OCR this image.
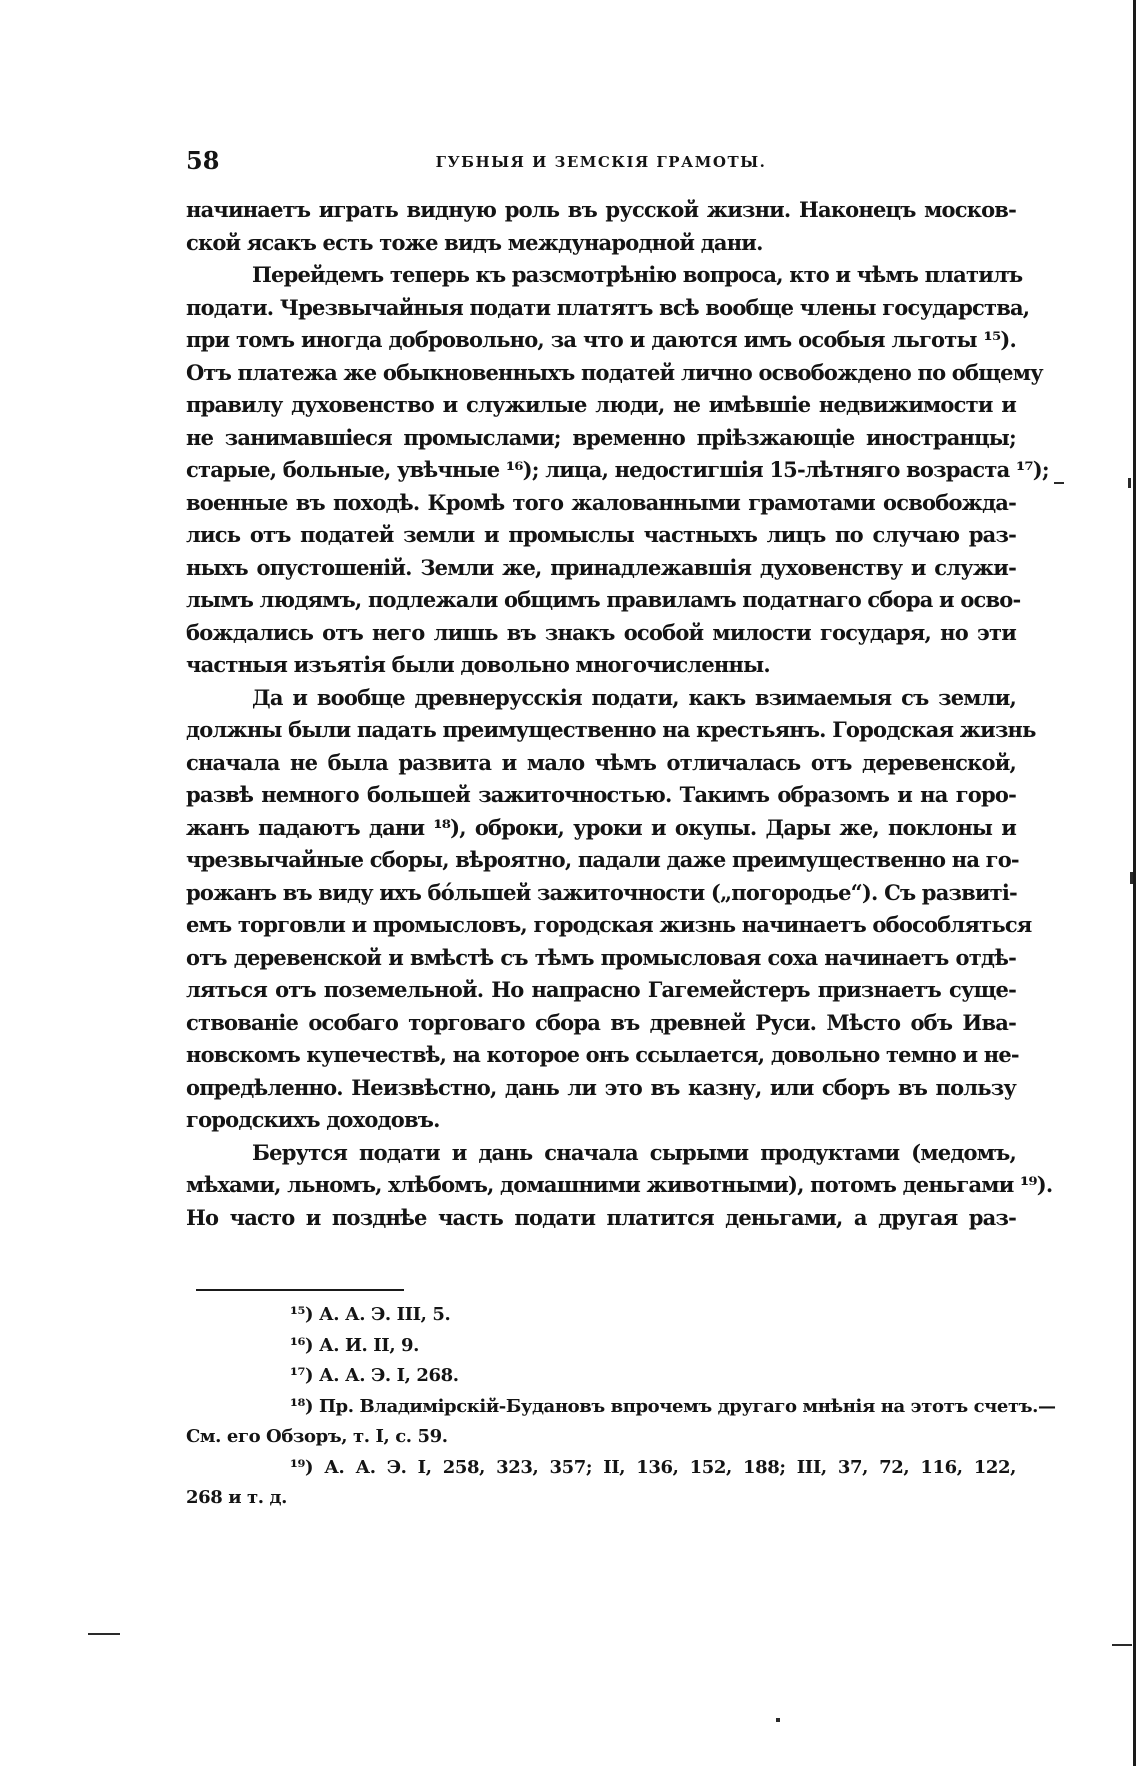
58	ГУБНЫЯ И ЗЕМСКІЯ ГРАМОТЫ.
начинаетъ играть видную роль въ русской жизни. Наконецъ москов-
ской ясакъ есть тоже видъ международной дани.
Перейдемъ теперь къ разсмотрѣнію вопроса, кто и чѣмъ платилъ
подати. Чрезвычайныя подати платятъ всѣ вообще члены государства,
при томъ иногда добровольно, за что и даются имъ особыя льготы ¹⁵).
Отъ платежа же обыкновенныхъ податей лично освобождено по общему
правилу духовенство и служилые люди, не имѣвшіе недвижимости и
не занимавшіеся промыслами; временно пріѣзжающіе иностранцы;
старые, больные, увѣчные ¹⁶); лица, недостигшія 15-лѣтняго возраста ¹⁷);
военные въ походѣ. Кромѣ того жалованными грамотами освобожда-
лись отъ податей земли и промыслы частныхъ лицъ по случаю раз-
ныхъ опустошеній. Земли же, принадлежавшія духовенству и служи-
лымъ людямъ, подлежали общимъ правиламъ податнаго сбора и осво-
бождались отъ него лишь въ знакъ особой милости государя, но эти
частныя изъятія были довольно многочисленны.
Да и вообще древнерусскія подати, какъ взимаемыя съ земли,
должны были падать преимущественно на крестьянъ. Городская жизнь
сначала не была развита и мало чѣмъ отличалась отъ деревенской,
развѣ немного большей зажиточностью. Такимъ образомъ и на горо-
жанъ падаютъ дани ¹⁸), оброки, уроки и окупы. Дары же, поклоны и
чрезвычайные сборы, вѣроятно, падали даже преимущественно на го-
рожанъ въ виду ихъ бо́льшей зажиточности („погородье“). Съ развиті-
емъ торговли и промысловъ, городская жизнь начинаетъ обособляться
отъ деревенской и вмѣстѣ съ тѣмъ промысловая соха начинаетъ отдѣ-
ляться отъ поземельной. Но напрасно Гагемейстеръ признаетъ суще-
ствованіе особаго торговаго сбора въ древней Руси. Мѣсто объ Ива-
новскомъ купечествѣ, на которое онъ ссылается, довольно темно и не-
опредѣленно. Неизвѣстно, дань ли это въ казну, или сборъ въ пользу
городскихъ доходовъ.
Берутся подати и дань сначала сырыми продуктами (медомъ,
мѣхами, льномъ, хлѣбомъ, домашними животными), потомъ деньгами ¹⁹).
Но часто и позднѣе часть подати платится деньгами, а другая раз-
¹⁵) А. А. Э. III, 5.
¹⁶) А. И. II, 9.
¹⁷) А. А. Э. I, 268.
¹⁸) Пр. Владимірскій-Будановъ впрочемъ другаго мнѣнія на этотъ счетъ.—
См. его Обзоръ, т. I, с. 59.
¹⁹) А. А. Э. I, 258, 323, 357; II, 136, 152, 188; III, 37, 72, 116, 122,
268 и т. д.
